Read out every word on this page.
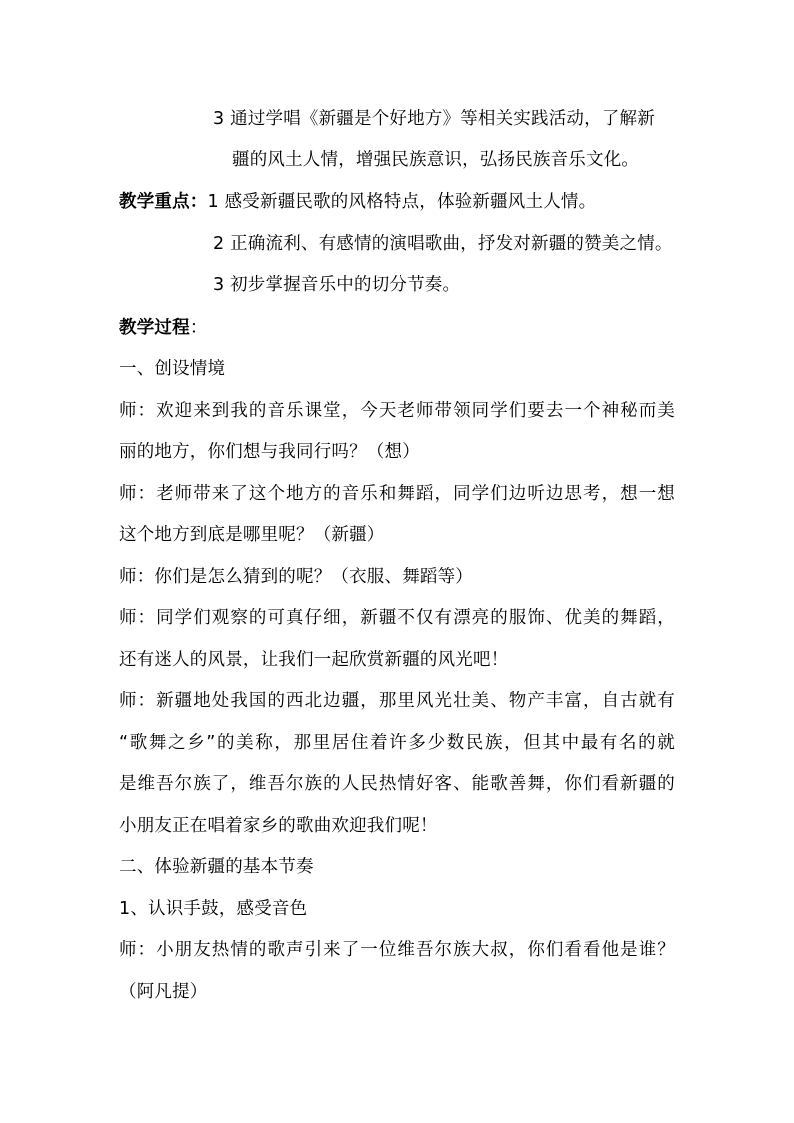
3 通过学唱《新疆是个好地方》等相关实践活动，了解新
疆的风土人情，增强民族意识，弘扬民族音乐文化。
教学重点：1 感受新疆民歌的风格特点，体验新疆风土人情。
2 正确流利、有感情的演唱歌曲，抒发对新疆的赞美之情。
3 初步掌握音乐中的切分节奏。
教学过程：
一、创设情境
师：欢迎来到我的音乐课堂，今天老师带领同学们要去一个神秘而美
丽的地方，你们想与我同行吗？（想）
师：老师带来了这个地方的音乐和舞蹈，同学们边听边思考，想一想
这个地方到底是哪里呢？（新疆）
师：你们是怎么猜到的呢？（衣服、舞蹈等）
师：同学们观察的可真仔细，新疆不仅有漂亮的服饰、优美的舞蹈，
还有迷人的风景，让我们一起欣赏新疆的风光吧！
师：新疆地处我国的西北边疆，那里风光壮美、物产丰富，自古就有
“歌舞之乡”的美称，那里居住着许多少数民族，但其中最有名的就
是维吾尔族了，维吾尔族的人民热情好客、能歌善舞，你们看新疆的
小朋友正在唱着家乡的歌曲欢迎我们呢！
二、体验新疆的基本节奏
1、认识手鼓，感受音色
师：小朋友热情的歌声引来了一位维吾尔族大叔，你们看看他是谁？
（阿凡提）
